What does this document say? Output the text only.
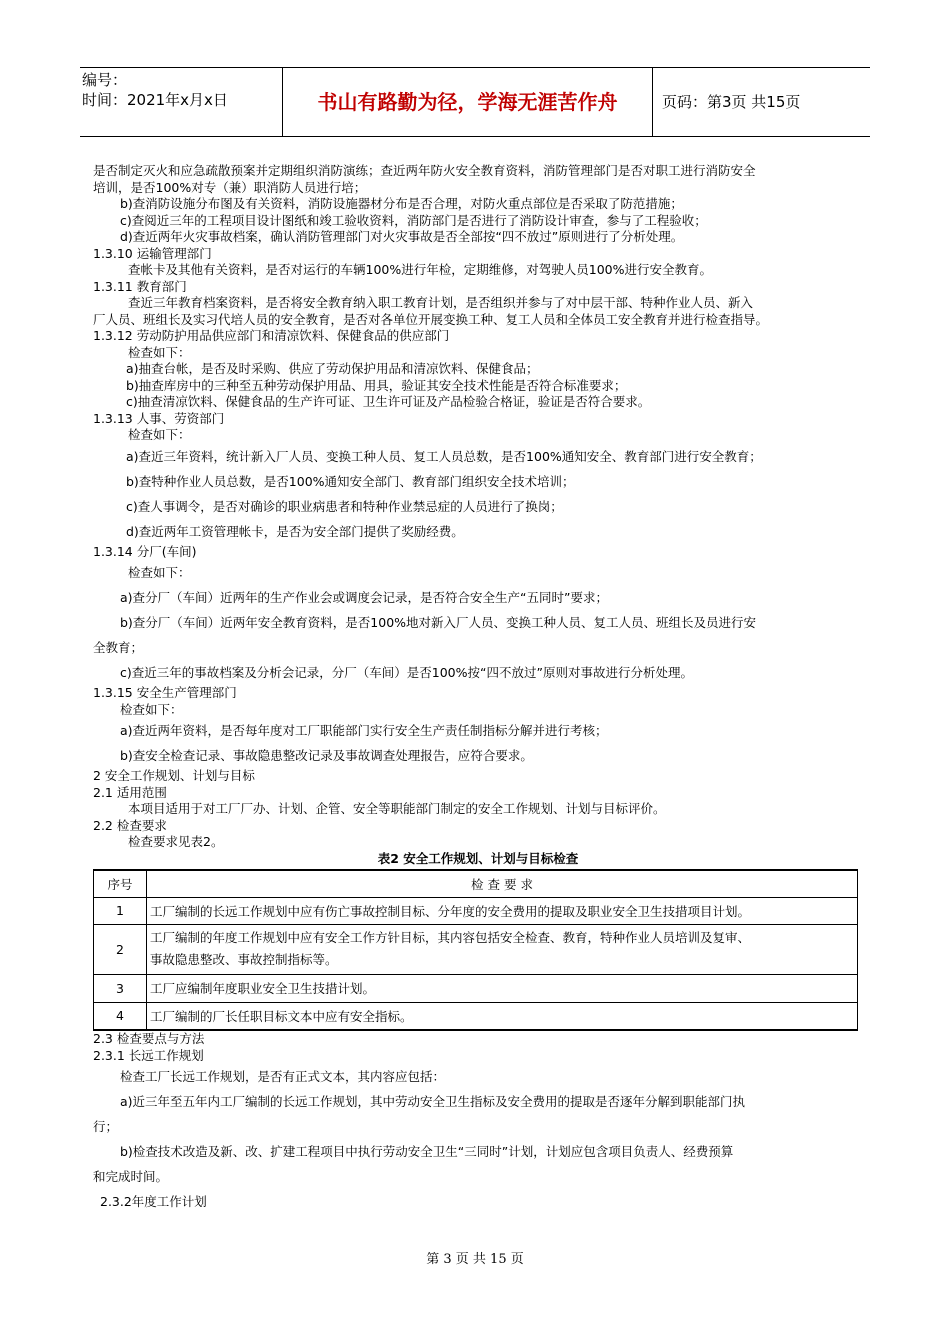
编号：
时间：2021年x月x日	书山有路勤为径，学海无涯苦作舟	页码：第3页 共15页
是否制定灭火和应急疏散预案并定期组织消防演练；查近两年防火安全教育资料，消防管理部门是否对职工进行消防安全
培训，是否100%对专（兼）职消防人员进行培；
b)查消防设施分布图及有关资料，消防设施器材分布是否合理，对防火重点部位是否采取了防范措施；
c)查阅近三年的工程项目设计图纸和竣工验收资料，消防部门是否进行了消防设计审查，参与了工程验收；
d)查近两年火灾事故档案，确认消防管理部门对火灾事故是否全部按“四不放过”原则进行了分析处理。
1.3.10 运输管理部门
查帐卡及其他有关资料，是否对运行的车辆100%进行年检，定期维修，对驾驶人员100%进行安全教育。
1.3.11 教育部门
查近三年教育档案资料，是否将安全教育纳入职工教育计划，是否组织并参与了对中层干部、特种作业人员、新入
厂人员、班组长及实习代培人员的安全教育，是否对各单位开展变换工种、复工人员和全体员工安全教育并进行检查指导。
1.3.12 劳动防护用品供应部门和清凉饮料、保健食品的供应部门
检查如下：
a)抽查台帐，是否及时采购、供应了劳动保护用品和清凉饮料、保健食品；
b)抽查库房中的三种至五种劳动保护用品、用具，验证其安全技术性能是否符合标准要求；
c)抽查清凉饮料、保健食品的生产许可证、卫生许可证及产品检验合格证，验证是否符合要求。
1.3.13 人事、劳资部门
检查如下：
a)查近三年资料，统计新入厂人员、变换工种人员、复工人员总数，是否100%通知安全、教育部门进行安全教育；
b)查特种作业人员总数，是否100%通知安全部门、教育部门组织安全技术培训；
c)查人事调令，是否对确诊的职业病患者和特种作业禁忌症的人员进行了换岗；
d)查近两年工资管理帐卡，是否为安全部门提供了奖励经费。
1.3.14 分厂(车间)
检查如下：
a)查分厂（车间）近两年的生产作业会或调度会记录，是否符合安全生产“五同时”要求；
b)查分厂（车间）近两年安全教育资料，是否100%地对新入厂人员、变换工种人员、复工人员、班组长及员进行安
全教育；
c)查近三年的事故档案及分析会记录，分厂（车间）是否100%按“四不放过”原则对事故进行分析处理。
1.3.15 安全生产管理部门
检查如下：
a)查近两年资料，是否每年度对工厂职能部门实行安全生产责任制指标分解并进行考核；
b)查安全检查记录、事故隐患整改记录及事故调查处理报告，应符合要求。
2 安全工作规划、计划与目标
2.1 适用范围
本项目适用于对工厂厂办、计划、企管、安全等职能部门制定的安全工作规划、计划与目标评价。
2.2 检查要求
检查要求见表2。
表2 安全工作规划、计划与目标检查
序号	检 查 要 求
1	工厂编制的长远工作规划中应有伤亡事故控制目标、分年度的安全费用的提取及职业安全卫生技措项目计划。

2	工厂编制的年度工作规划中应有安全工作方针目标，其内容包括安全检查、教育，特种作业人员培训及复审、
事故隐患整改、事故控制指标等。

3	工厂应编制年度职业安全卫生技措计划。

4	工厂编制的厂长任职目标文本中应有安全指标。
2.3 检查要点与方法
2.3.1 长远工作规划
检查工厂长远工作规划，是否有正式文本，其内容应包括：
a)近三年至五年内工厂编制的长远工作规划，其中劳动安全卫生指标及安全费用的提取是否逐年分解到职能部门执
行；
b)检查技术改造及新、改、扩建工程项目中执行劳动安全卫生“三同时”计划，计划应包含项目负责人、经费预算
和完成时间。
2.3.2年度工作计划
第 3 页 共 15 页
